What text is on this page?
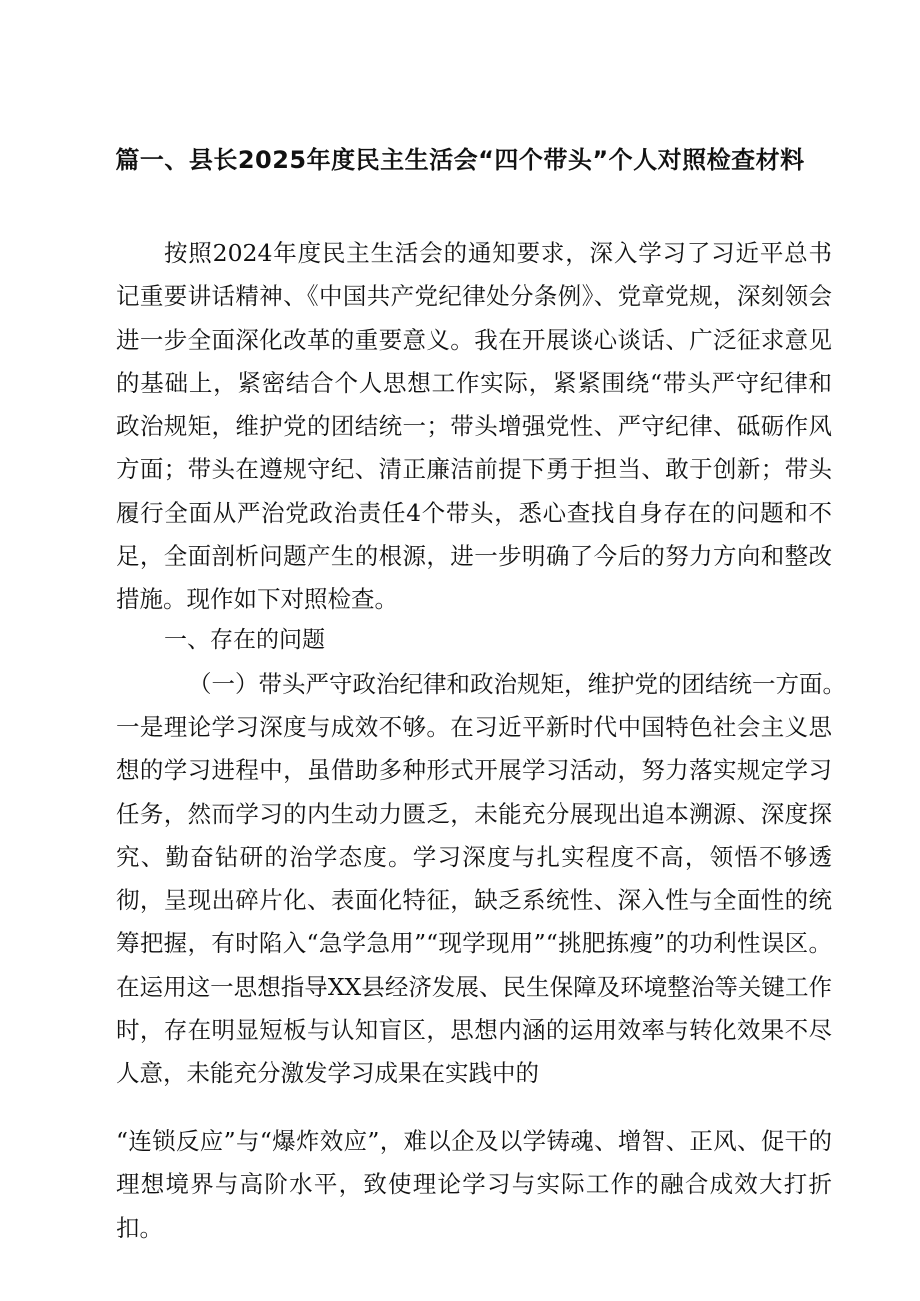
篇一、县长2025年度民主生活会“四个带头”个人对照检查材料

按照2024年度民主生活会的通知要求，深入学习了习近平总书记重要讲话精神、《中国共产党纪律处分条例》、党章党规，深刻领会进一步全面深化改革的重要意义。我在开展谈心谈话、广泛征求意见的基础上，紧密结合个人思想工作实际，紧紧围绕“带头严守纪律和政治规矩，维护党的团结统一；带头增强党性、严守纪律、砥砺作风方面；带头在遵规守纪、清正廉洁前提下勇于担当、敢于创新；带头履行全面从严治党政治责任4个带头，悉心查找自身存在的问题和不足，全面剖析问题产生的根源，进一步明确了今后的努力方向和整改措施。现作如下对照检查。

一、存在的问题

（一）带头严守政治纪律和政治规矩，维护党的团结统一方面。

一是理论学习深度与成效不够。在习近平新时代中国特色社会主义思想的学习进程中，虽借助多种形式开展学习活动，努力落实规定学习任务，然而学习的内生动力匮乏，未能充分展现出追本溯源、深度探究、勤奋钻研的治学态度。学习深度与扎实程度不高，领悟不够透彻，呈现出碎片化、表面化特征，缺乏系统性、深入性与全面性的统筹把握，有时陷入“急学急用”“现学现用”“挑肥拣瘦”的功利性误区。在运用这一思想指导XX县经济发展、民生保障及环境整治等关键工作时，存在明显短板与认知盲区，思想内涵的运用效率与转化效果不尽人意，未能充分激发学习成果在实践中的

“连锁反应”与“爆炸效应”，难以企及以学铸魂、增智、正风、促干的理想境界与高阶水平，致使理论学习与实际工作的融合成效大打折扣。
